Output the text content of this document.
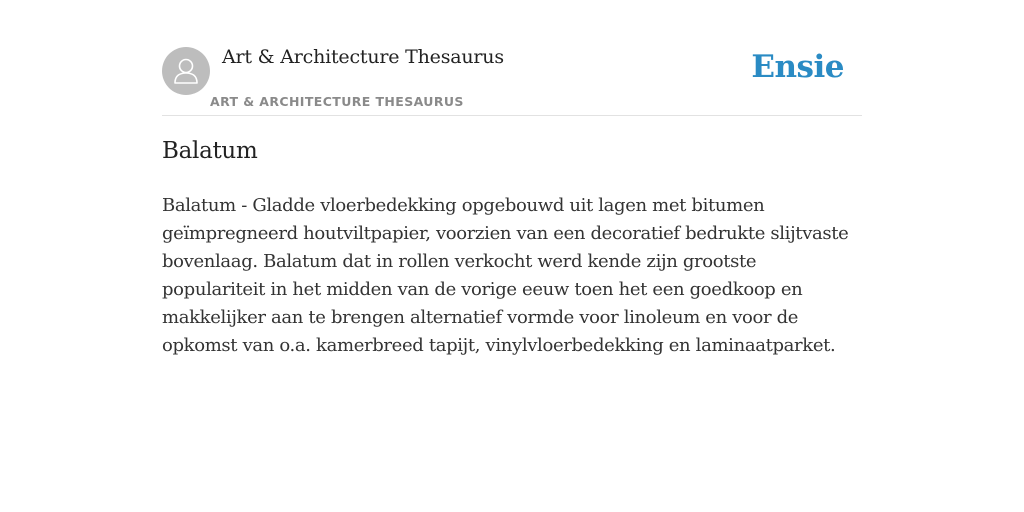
Art & Architecture Thesaurus
ART & ARCHITECTURE THESAURUS
Ensie
Balatum

Balatum - Gladde vloerbedekking opgebouwd uit lagen met bitumen geïmpregneerd houtviltpapier, voorzien van een decoratief bedrukte slijtvaste bovenlaag. Balatum dat in rollen verkocht werd kende zijn grootste populariteit in het midden van de vorige eeuw toen het een goedkoop en makkelijker aan te brengen alternatief vormde voor linoleum en voor de opkomst van o.a. kamerbreed tapijt, vinylvloerbedekking en laminaatparket.
